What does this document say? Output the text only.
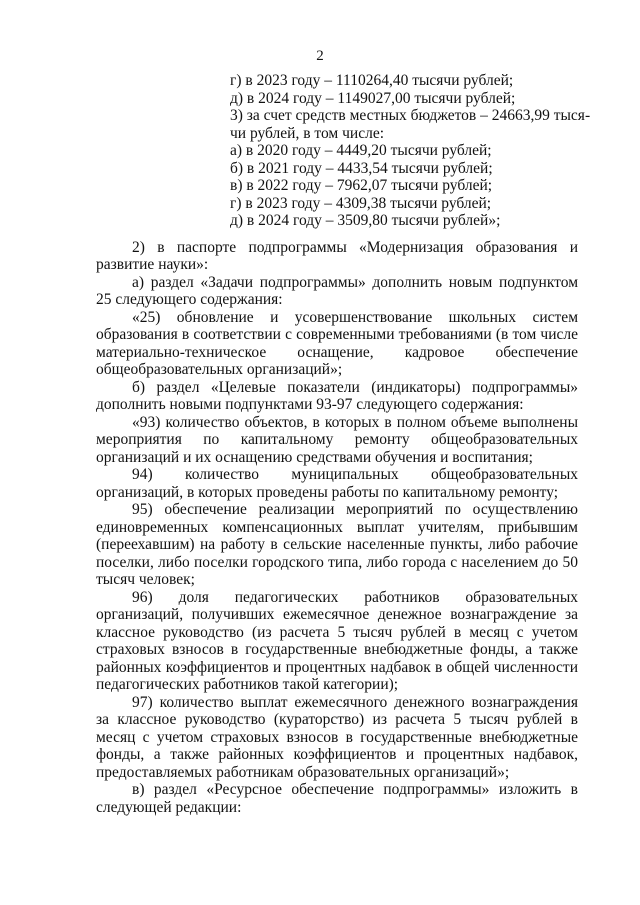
2
г) в 2023 году – 1110264,40 тысячи рублей;
д) в 2024 году – 1149027,00 тысячи рублей;
3) за счет средств местных бюджетов – 24663,99 тыся-
чи рублей, в том числе:
а) в 2020 году – 4449,20 тысячи рублей;
б) в 2021 году – 4433,54 тысячи рублей;
в) в 2022 году – 7962,07 тысячи рублей;
г) в 2023 году – 4309,38 тысячи рублей;
д) в 2024 году – 3509,80 тысячи рублей»;

2) в паспорте подпрограммы «Модернизация образования и развитие науки»:

а) раздел «Задачи подпрограммы» дополнить новым подпунктом 25 следующего содержания:

«25) обновление и усовершенствование школьных систем образования в соответствии с современными требованиями (в том числе материально-техническое оснащение, кадровое обеспечение общеобразовательных организаций»;

б) раздел «Целевые показатели (индикаторы) подпрограммы» дополнить новыми подпунктами 93-97 следующего содержания:

«93) количество объектов, в которых в полном объеме выполнены мероприятия по капитальному ремонту общеобразовательных организаций и их оснащению средствами обучения и воспитания;

94) количество муниципальных общеобразовательных организаций, в которых проведены работы по капитальному ремонту;

95) обеспечение реализации мероприятий по осуществлению единовременных компенсационных выплат учителям, прибывшим (переехавшим) на работу в сельские населенные пункты, либо рабочие поселки, либо поселки городского типа, либо города с населением до 50 тысяч человек;

96) доля педагогических работников образовательных организаций, получивших ежемесячное денежное вознаграждение за классное руководство (из расчета 5 тысяч рублей в месяц с учетом страховых взносов в государственные внебюджетные фонды, а также районных коэффициентов и процентных надбавок в общей численности педагогических работников такой категории);

97) количество выплат ежемесячного денежного вознаграждения за классное руководство (кураторство) из расчета 5 тысяч рублей в месяц с учетом страховых взносов в государственные внебюджетные фонды, а также районных коэффициентов и процентных надбавок, предоставляемых работникам образовательных организаций»;

в) раздел «Ресурсное обеспечение подпрограммы» изложить в следующей редакции:
